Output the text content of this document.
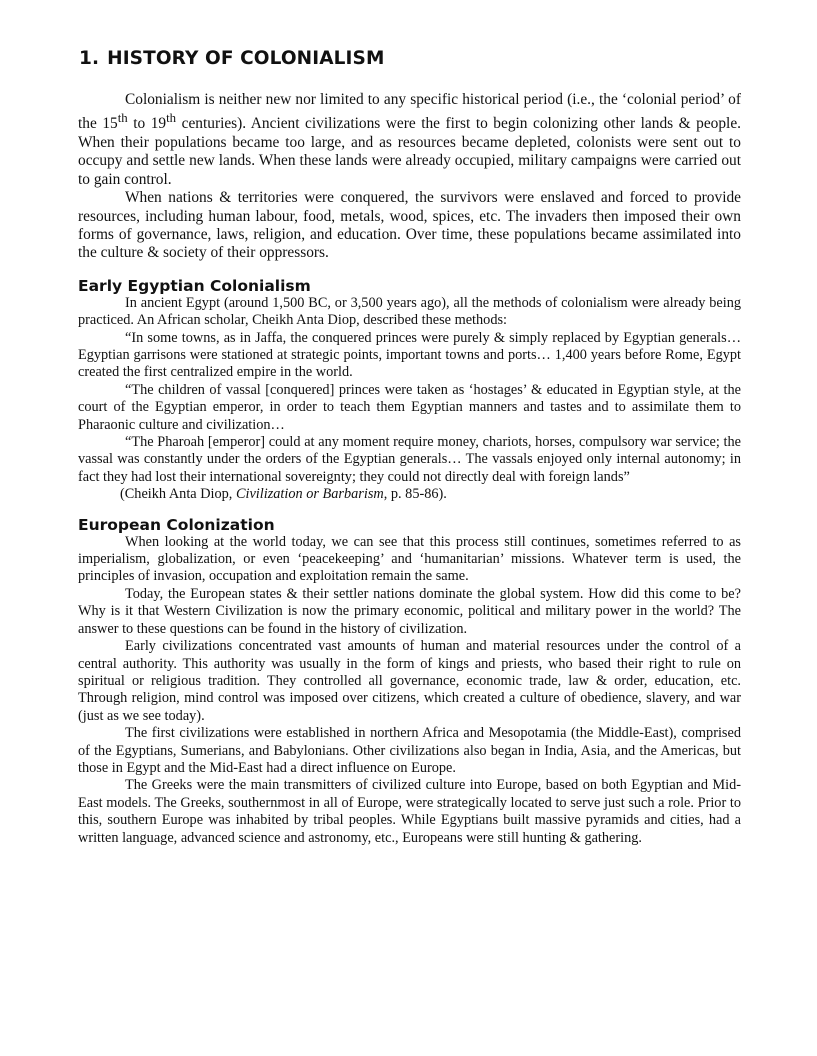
1. HISTORY OF COLONIALISM

Colonialism is neither new nor limited to any specific historical period (i.e., the ‘colonial period’ of the 15th to 19th centuries). Ancient civilizations were the first to begin colonizing other lands & people. When their populations became too large, and as resources became depleted, colonists were sent out to occupy and settle new lands. When these lands were already occupied, military campaigns were carried out to gain control.

When nations & territories were conquered, the survivors were enslaved and forced to provide resources, including human labour, food, metals, wood, spices, etc. The invaders then imposed their own forms of governance, laws, religion, and education. Over time, these populations became assimilated into the culture & society of their oppressors.

Early Egyptian Colonialism

In ancient Egypt (around 1,500 BC, or 3,500 years ago), all the methods of colonialism were already being practiced. An African scholar, Cheikh Anta Diop, described these methods:

“In some towns, as in Jaffa, the conquered princes were purely & simply replaced by Egyptian generals… Egyptian garrisons were stationed at strategic points, important towns and ports… 1,400 years before Rome, Egypt created the first centralized empire in the world.

“The children of vassal [conquered] princes were taken as ‘hostages’ & educated in Egyptian style, at the court of the Egyptian emperor, in order to teach them Egyptian manners and tastes and to assimilate them to Pharaonic culture and civilization…

“The Pharoah [emperor] could at any moment require money, chariots, horses, compulsory war service; the vassal was constantly under the orders of the Egyptian generals… The vassals enjoyed only internal autonomy; in fact they had lost their international sovereignty; they could not directly deal with foreign lands”

(Cheikh Anta Diop, Civilization or Barbarism, p. 85-86).

European Colonization

When looking at the world today, we can see that this process still continues, sometimes referred to as imperialism, globalization, or even ‘peacekeeping’ and ‘humanitarian’ missions. Whatever term is used, the principles of invasion, occupation and exploitation remain the same.

Today, the European states & their settler nations dominate the global system. How did this come to be? Why is it that Western Civilization is now the primary economic, political and military power in the world? The answer to these questions can be found in the history of civilization.

Early civilizations concentrated vast amounts of human and material resources under the control of a central authority. This authority was usually in the form of kings and priests, who based their right to rule on spiritual or religious tradition. They controlled all governance, economic trade, law & order, education, etc. Through religion, mind control was imposed over citizens, which created a culture of obedience, slavery, and war (just as we see today).

The first civilizations were established in northern Africa and Mesopotamia (the Middle-East), comprised of the Egyptians, Sumerians, and Babylonians. Other civilizations also began in India, Asia, and the Americas, but those in Egypt and the Mid-East had a direct influence on Europe.

The Greeks were the main transmitters of civilized culture into Europe, based on both Egyptian and Mid-East models. The Greeks, southernmost in all of Europe, were strategically located to serve just such a role. Prior to this, southern Europe was inhabited by tribal peoples. While Egyptians built massive pyramids and cities, had a written language, advanced science and astronomy, etc., Europeans were still hunting & gathering.
